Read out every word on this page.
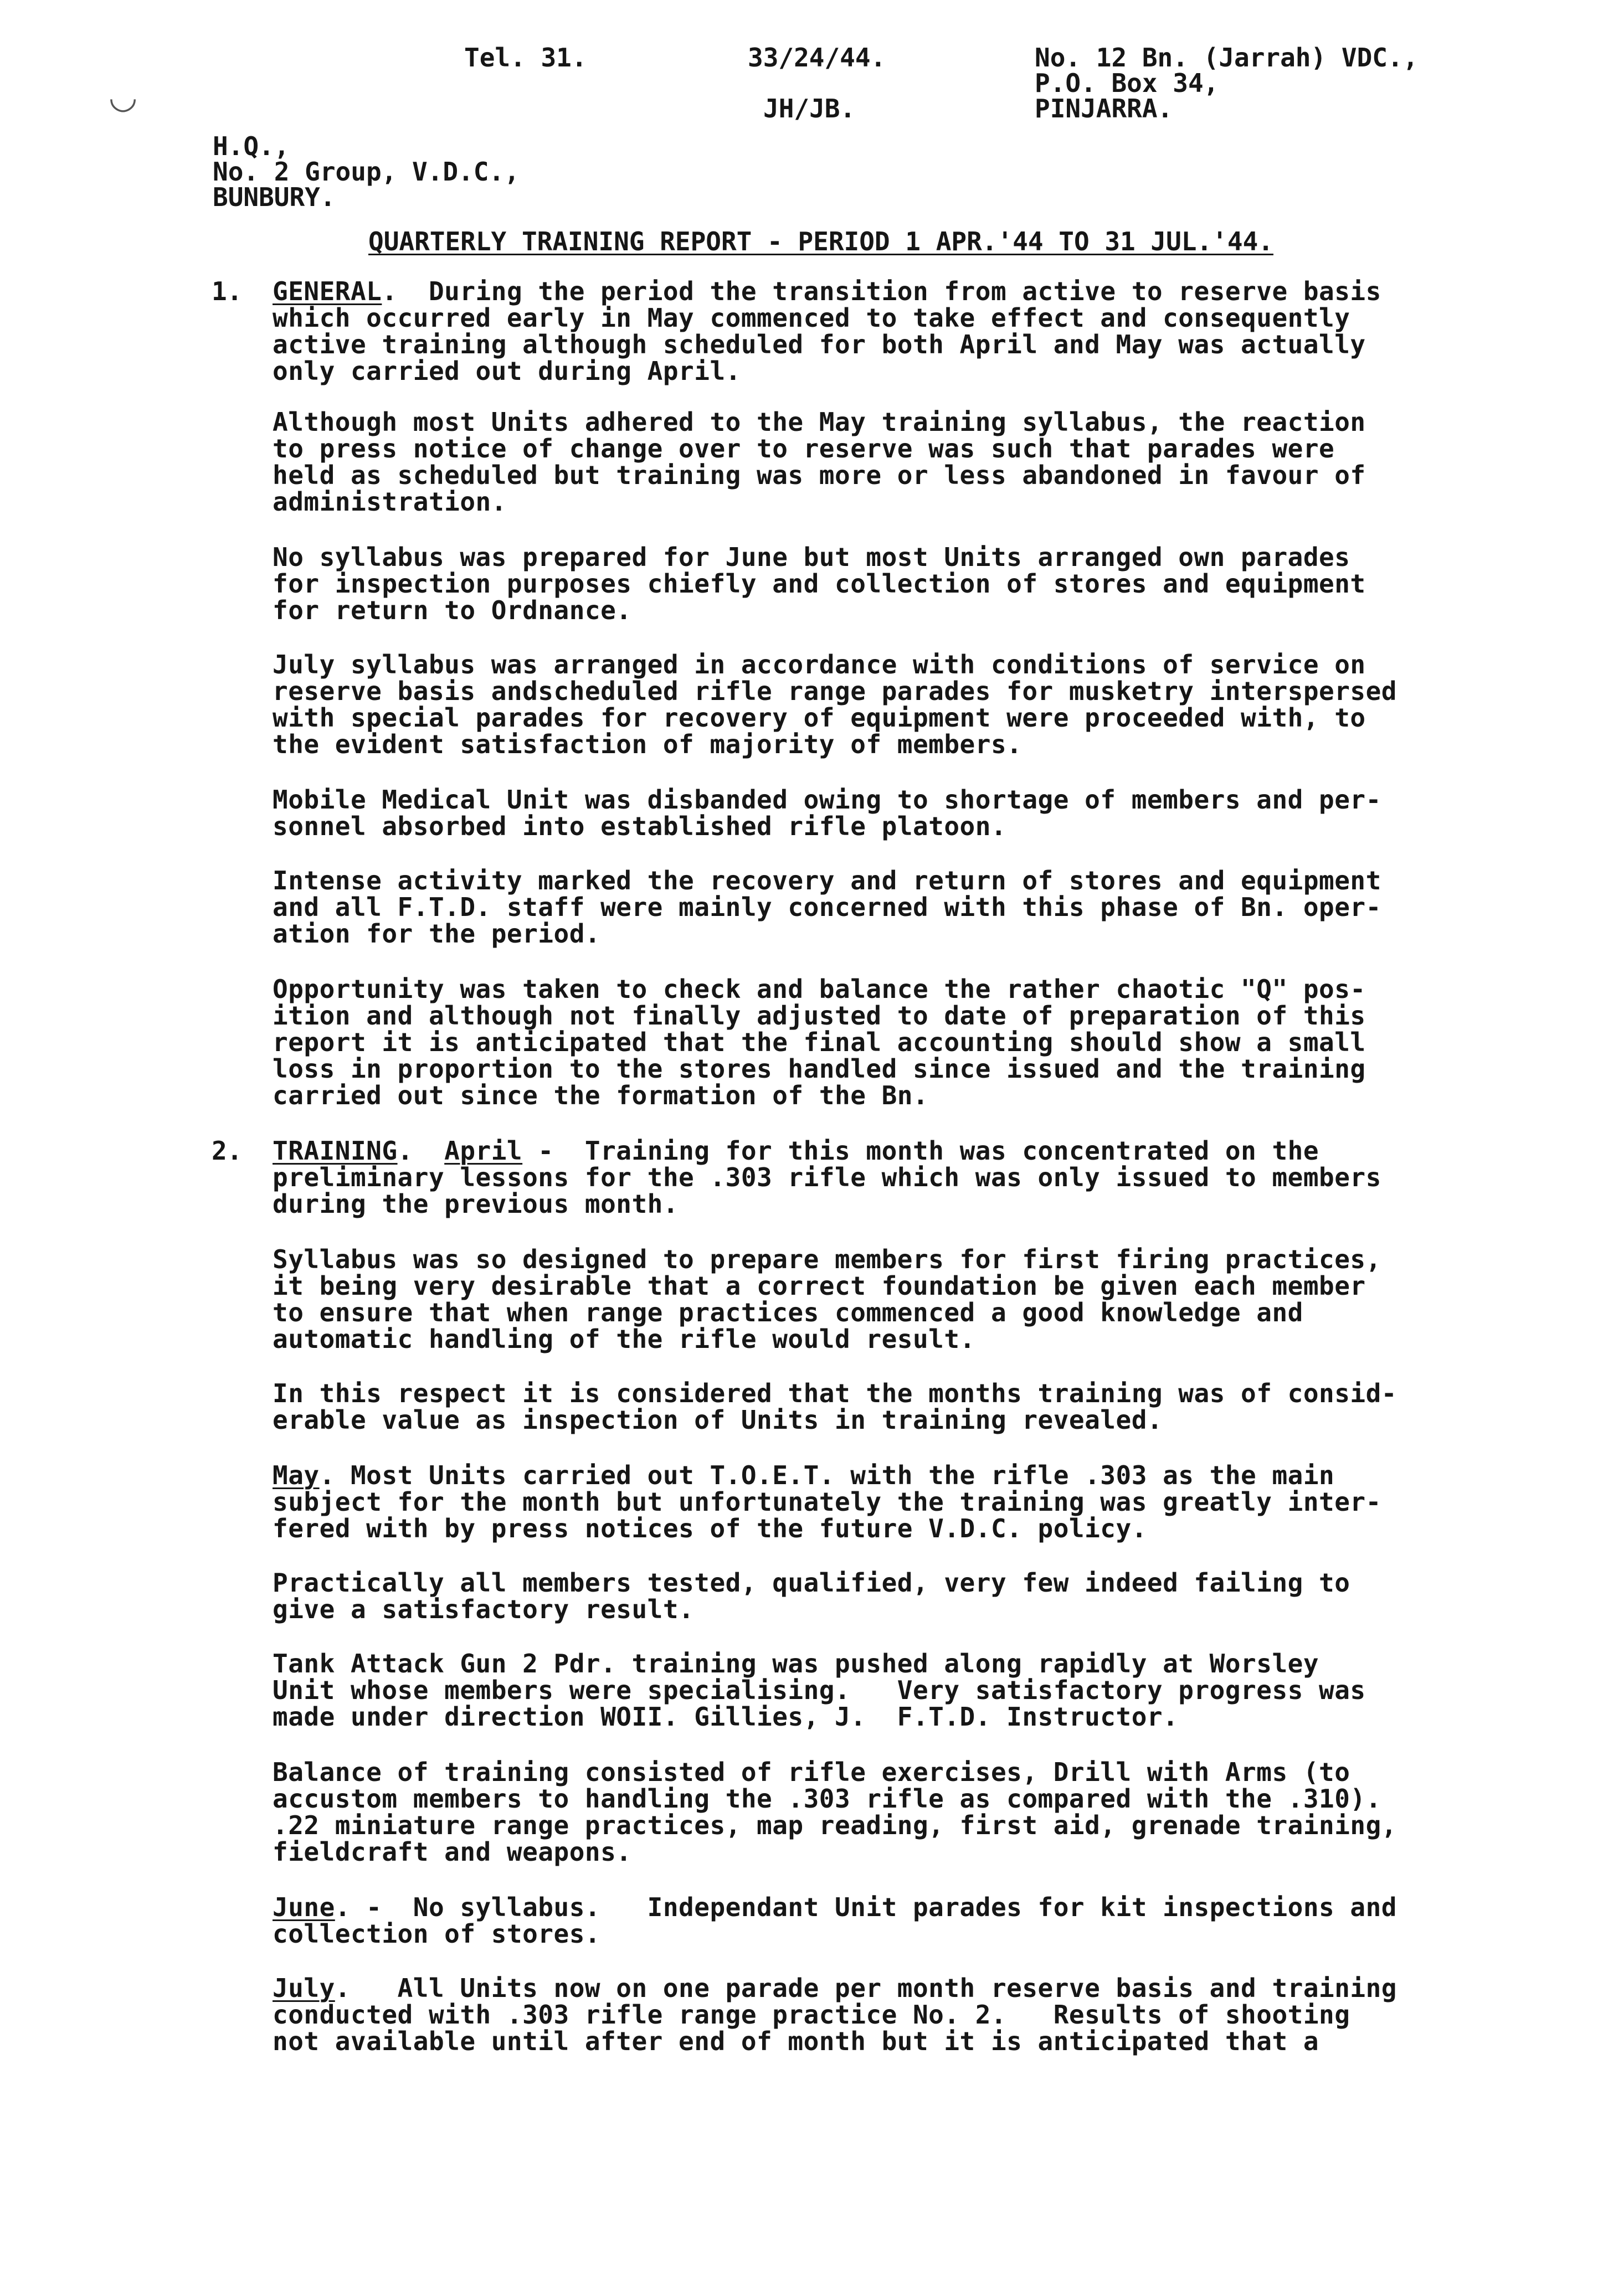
◡
Tel. 31.	33/24/44.
JH/JB.
No. 12 Bn. (Jarrah) VDC.,
P.O. Box 34,
PINJARRA.
H.Q.,
No. 2 Group, V.D.C.,
BUNBURY.
QUARTERLY TRAINING REPORT - PERIOD 1 APR.'44 TO 31 JUL.'44.
1. GENERAL.  During the period the transition from active to reserve basis
which occurred early in May commenced to take effect and consequently
active training although scheduled for both April and May was actually
only carried out during April.
Although most Units adhered to the May training syllabus, the reaction
to press notice of change over to reserve was such that parades were
held as scheduled but training was more or less abandoned in favour of
administration.
No syllabus was prepared for June but most Units arranged own parades
for inspection purposes chiefly and collection of stores and equipment
for return to Ordnance.
July syllabus was arranged in accordance with conditions of service on
reserve basis andscheduled rifle range parades for musketry interspersed
with special parades for recovery of equipment were proceeded with, to
the evident satisfaction of majority of members.
Mobile Medical Unit was disbanded owing to shortage of members and per-
sonnel absorbed into established rifle platoon.
Intense activity marked the recovery and return of stores and equipment
and all F.T.D. staff were mainly concerned with this phase of Bn. oper-
ation for the period.
Opportunity was taken to check and balance the rather chaotic "Q" pos-
ition and although not finally adjusted to date of preparation of this
report it is anticipated that the final accounting should show a small
loss in proportion to the stores handled since issued and the training
carried out since the formation of the Bn.
2. TRAINING. April -  Training for this month was concentrated on the
preliminary lessons for the .303 rifle which was only issued to members
during the previous month.
Syllabus was so designed to prepare members for first firing practices,
it being very desirable that a correct foundation be given each member
to ensure that when range practices commenced a good knowledge and
automatic handling of the rifle would result.
In this respect it is considered that the months training was of consid-
erable value as inspection of Units in training revealed.
May. Most Units carried out T.O.E.T. with the rifle .303 as the main
subject for the month but unfortunately the training was greatly inter-
fered with by press notices of the future V.D.C. policy.
Practically all members tested, qualified, very few indeed failing to
give a satisfactory result.
Tank Attack Gun 2 Pdr. training was pushed along rapidly at Worsley
Unit whose members were specialising.   Very satisfactory progress was
made under direction WOII. Gillies, J.  F.T.D. Instructor.
Balance of training consisted of rifle exercises, Drill with Arms (to
accustom members to handling the .303 rifle as compared with the .310).
.22 miniature range practices, map reading, first aid, grenade training,
fieldcraft and weapons.
June. -  No syllabus.   Independant Unit parades for kit inspections and
collection of stores.
July.   All Units now on one parade per month reserve basis and training
conducted with .303 rifle range practice No. 2.   Results of shooting
not available until after end of month but it is anticipated that a
